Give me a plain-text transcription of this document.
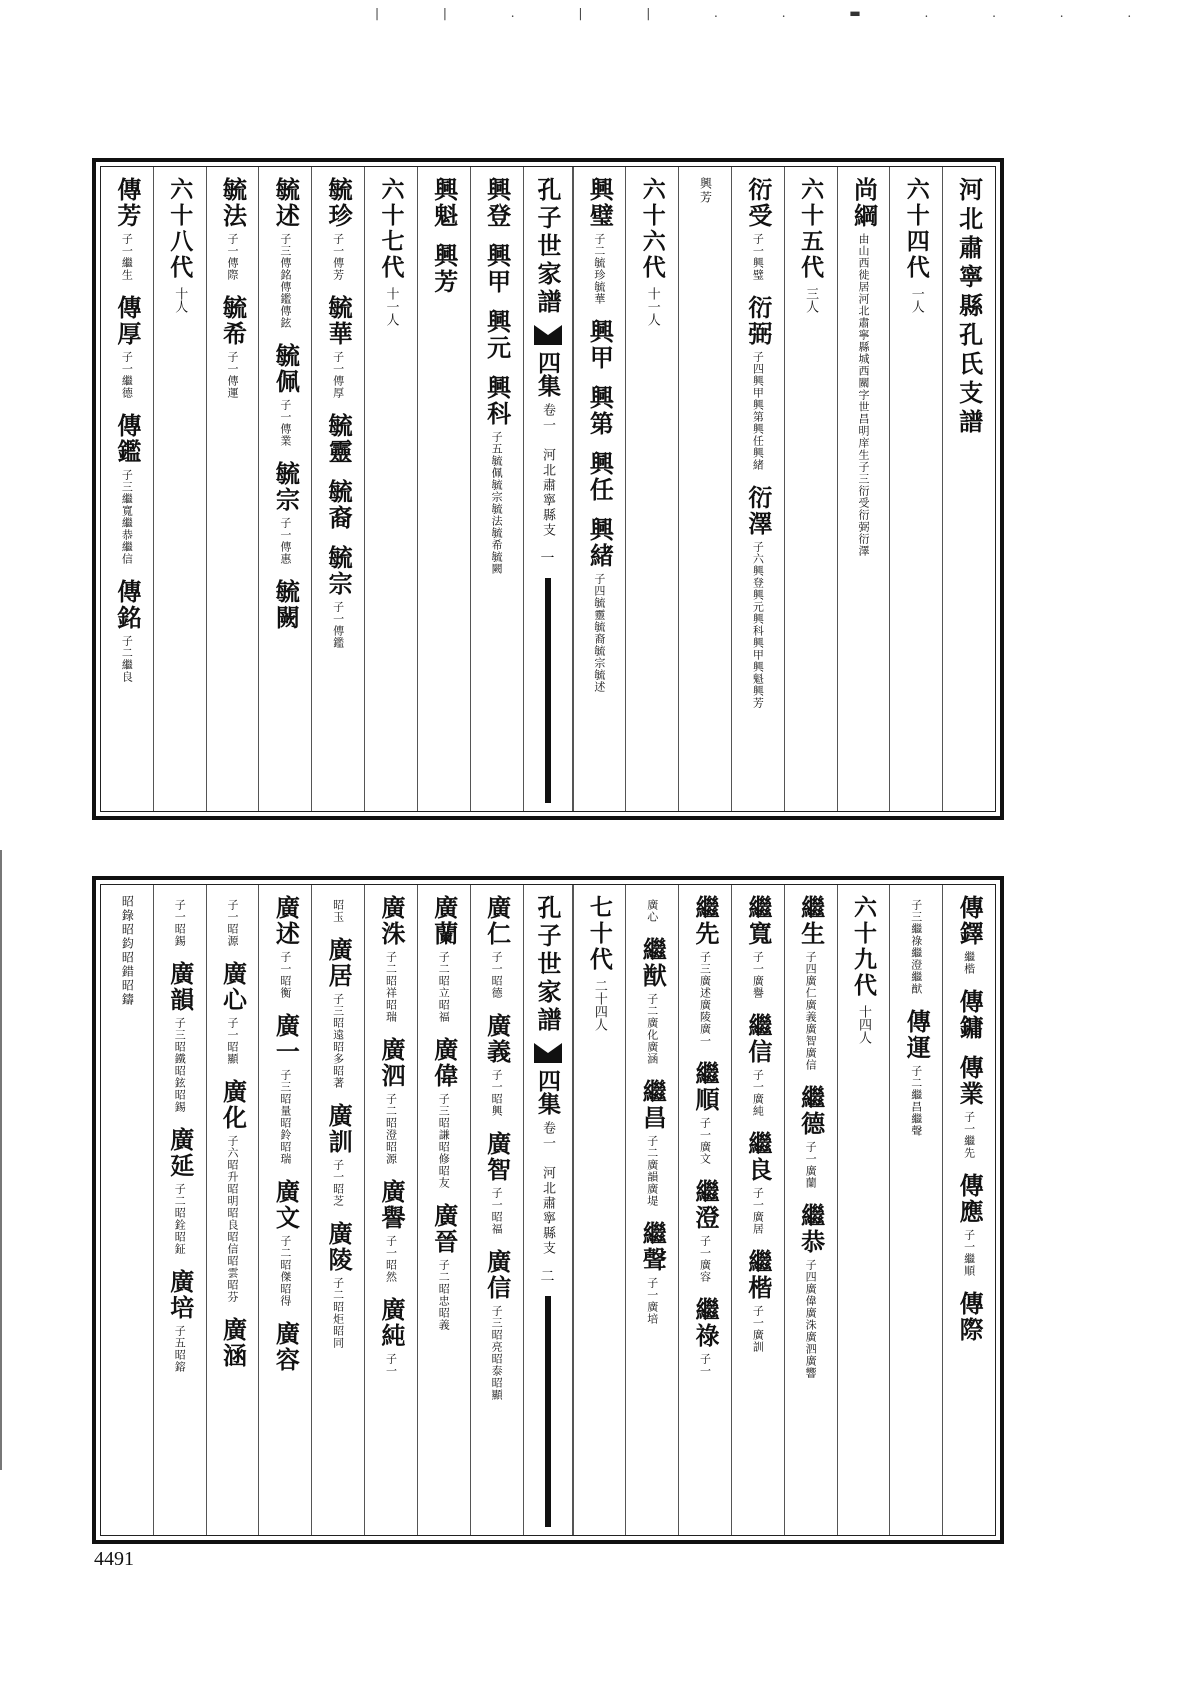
| | . | | . . ▬ . . . .
河北肅寧縣孔氏支譜
六十四代
一人
尚綱
由山西徙居河北肅寧縣城西關字世昌明庠生子三衍受衍弼衍澤
六十五代
三人
衍受
子一興璧
衍弼
子四興甲興第興任興緒
衍澤
子六興登興元興科興甲興魁興芳
興芳
六十六代
十一人
興璧
子二毓珍毓華
興甲
興第
興任
興緒
子四毓靈毓裔毓宗毓述
孔子世家譜
四集
卷一　河北肅寧縣支
一
興登
興甲
興元
興科
子五毓佩毓宗毓法毓希毓闕
興魁
興芳
六十七代
十一人
毓珍
子一傳芳
毓華
子一傳厚
毓靈
毓裔
毓宗
子一傳鑑
毓述
子三傳銘傳鑑傳鉉
毓佩
子一傳業
毓宗
子一傳惠
毓闕
毓法
子一傳際
毓希
子一傳運
六十八代
十人
傳芳
子一繼生
傳厚
子一繼德
傳鑑
子三繼寬繼恭繼信
傳銘
子二繼良
傳鐸
繼楷
傳鏞
傳業
子一繼先
傳應
子一繼順
傳際
子三繼祿繼澄繼猷
傳運
子二繼昌繼聲
六十九代
十四人
繼生
子四廣仁廣義廣智廣信
繼德
子一廣蘭
繼恭
子四廣偉廣洙廣泗廣響
繼寬
子一廣譽
繼信
子一廣純
繼良
子一廣居
繼楷
子一廣訓
繼先
子三廣述廣陵廣一
繼順
子一廣文
繼澄
子一廣容
繼祿
子一
廣心
繼猷
子二廣化廣涵
繼昌
子二廣韻廣堤
繼聲
子一廣培
七十代
二十四人
孔子世家譜
四集
卷一　河北肅寧縣支
二
廣仁
子一昭德
廣義
子一昭興
廣智
子一昭福
廣信
子三昭亮昭泰昭顯
廣蘭
子二昭立昭福
廣偉
子三昭謙昭修昭友
廣晉
子二昭忠昭義
廣洙
子二昭祥昭瑞
廣泗
子二昭澄昭源
廣譽
子一昭然
廣純
子一
昭玉
廣居
子三昭遠昭多昭著
廣訓
子一昭芝
廣陵
子二昭炬昭同
廣述
子一昭衡
廣一
子三昭量昭鈴昭瑞
廣文
子二昭傑昭得
廣容
子一昭源
廣心
子一昭顯
廣化
子六昭升昭明昭良昭信昭雲昭芬
廣涵
子一昭錫
廣韻
子三昭鐵昭鉉昭錫
廣延
子二昭銓昭鉦
廣培
子五昭鎔
昭錄昭鈞昭錯昭鑄
4491
